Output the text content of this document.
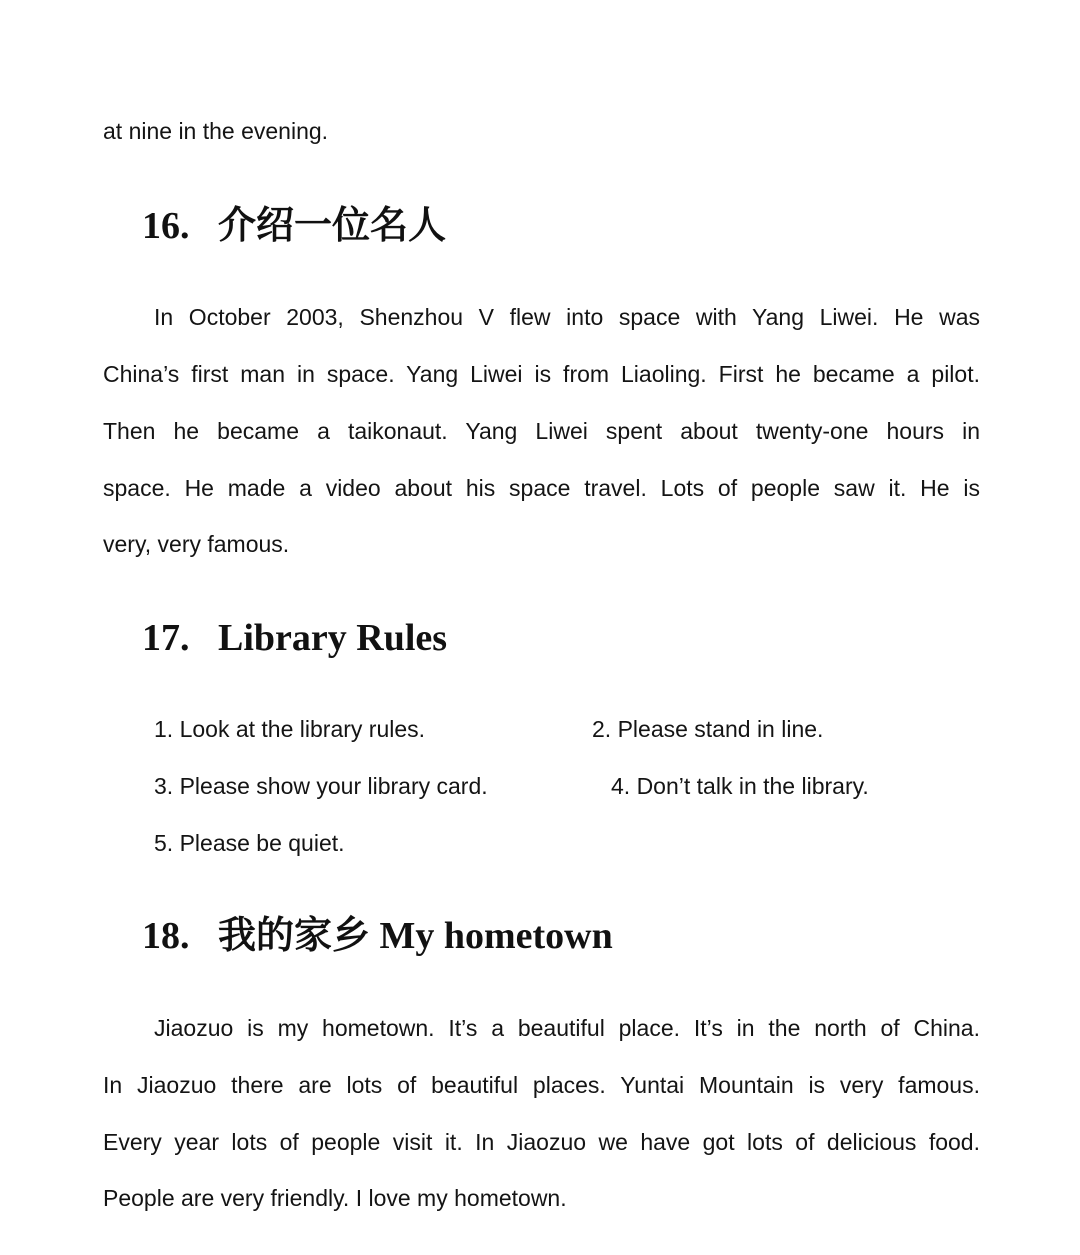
at nine in the evening.
16. 介绍一位名人
In October 2003, Shenzhou V flew into space with Yang Liwei. He was
China’s first man in space. Yang Liwei is from Liaoling. First he became a pilot.
Then he became a taikonaut. Yang Liwei spent about twenty-one hours in
space. He made a video about his space travel. Lots of people saw it. He is
very, very famous.
17. Library Rules
1. Look at the library rules.	2. Please stand in line.
3. Please show your library card.	4. Don’t talk in the library.
5. Please be quiet.
18. 我的家乡 My hometown
Jiaozuo is my hometown. It’s a beautiful place. It’s in the north of China.
In Jiaozuo there are lots of beautiful places. Yuntai Mountain is very famous.
Every year lots of people visit it. In Jiaozuo we have got lots of delicious food.
People are very friendly. I love my hometown.
